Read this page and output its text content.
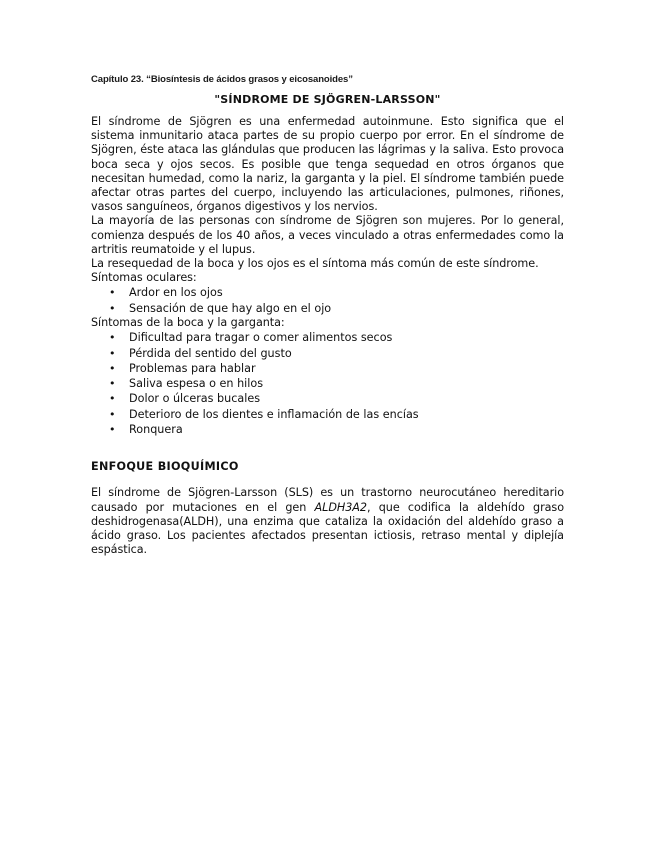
Capítulo 23. “Biosíntesis de ácidos grasos y eicosanoides”
"SÍNDROME DE SJÖGREN-LARSSON"

El síndrome de Sjögren es una enfermedad autoinmune. Esto significa que el sistema inmunitario ataca partes de su propio cuerpo por error. En el síndrome de Sjögren, éste ataca las glándulas que producen las lágrimas y la saliva. Esto provoca boca seca y ojos secos. Es posible que tenga sequedad en otros órganos que necesitan humedad, como la nariz, la garganta y la piel. El síndrome también puede afectar otras partes del cuerpo, incluyendo las articulaciones, pulmones, riñones, vasos sanguíneos, órganos digestivos y los nervios.

La mayoría de las personas con síndrome de Sjögren son mujeres. Por lo general, comienza después de los 40 años, a veces vinculado a otras enfermedades como la artritis reumatoide y el lupus.

La resequedad de la boca y los ojos es el síntoma más común de este síndrome.

Síntomas oculares:

• Ardor en los ojos
• Sensación de que hay algo en el ojo

Síntomas de la boca y la garganta:

• Dificultad para tragar o comer alimentos secos
• Pérdida del sentido del gusto
• Problemas para hablar
• Saliva espesa o en hilos
• Dolor o úlceras bucales
• Deterioro de los dientes e inflamación de las encías
• Ronquera
ENFOQUE BIOQUÍMICO

El síndrome de Sjögren-Larsson (SLS) es un trastorno neurocutáneo hereditario causado por mutaciones en el gen ALDH3A2, que codifica la aldehído graso deshidrogenasa(ALDH), una enzima que cataliza la oxidación del aldehído graso a ácido graso. Los pacientes afectados presentan ictiosis, retraso mental y diplejía espástica.
